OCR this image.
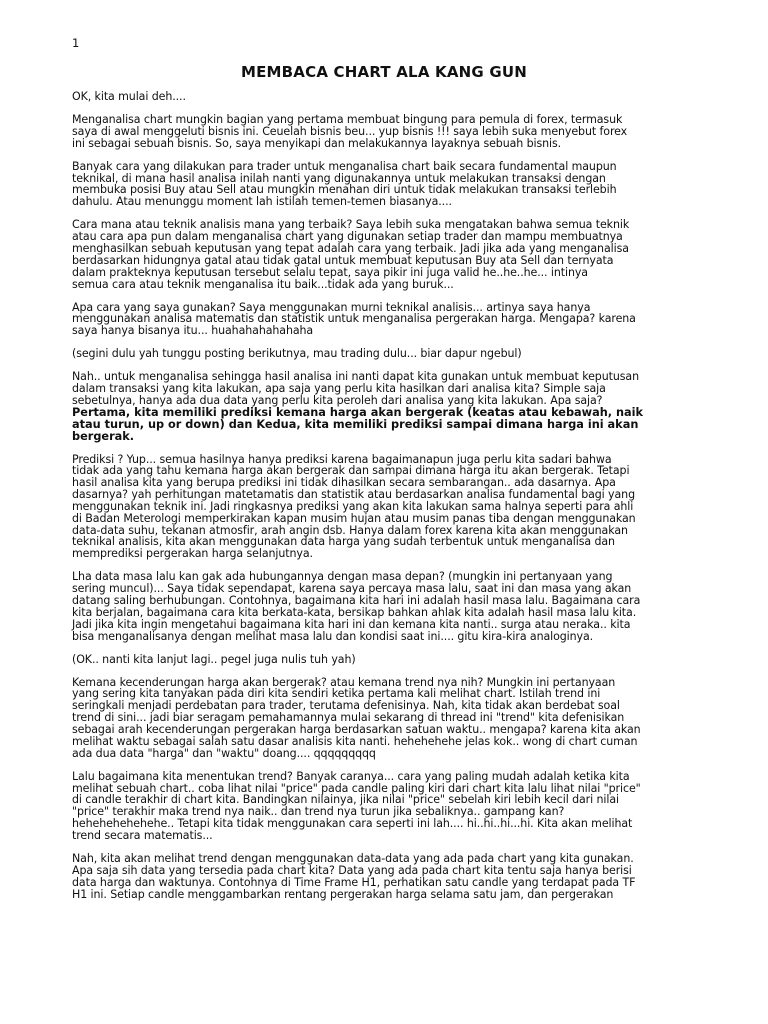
1

MEMBACA CHART ALA KANG GUN

OK, kita mulai deh....

Menganalisa chart mungkin bagian yang pertama membuat bingung para pemula di forex, termasuk
saya di awal menggeluti bisnis ini. Ceuelah bisnis beu... yup bisnis !!! saya lebih suka menyebut forex
ini sebagai sebuah bisnis. So, saya menyikapi dan melakukannya layaknya sebuah bisnis.

Banyak cara yang dilakukan para trader untuk menganalisa chart baik secara fundamental maupun
teknikal, di mana hasil analisa inilah nanti yang digunakannya untuk melakukan transaksi dengan
membuka posisi Buy atau Sell atau mungkin menahan diri untuk tidak melakukan transaksi terlebih
dahulu. Atau menunggu moment lah istilah temen-temen biasanya....

Cara mana atau teknik analisis mana yang terbaik? Saya lebih suka mengatakan bahwa semua teknik
atau cara apa pun dalam menganalisa chart yang digunakan setiap trader dan mampu membuatnya
menghasilkan sebuah keputusan yang tepat adalah cara yang terbaik. Jadi jika ada yang menganalisa
berdasarkan hidungnya gatal atau tidak gatal untuk membuat keputusan Buy ata Sell dan ternyata
dalam prakteknya keputusan tersebut selalu tepat, saya pikir ini juga valid he..he..he... intinya
semua cara atau teknik menganalisa itu baik...tidak ada yang buruk...

Apa cara yang saya gunakan? Saya menggunakan murni teknikal analisis... artinya saya hanya
menggunakan analisa matematis dan statistik untuk menganalisa pergerakan harga. Mengapa? karena
saya hanya bisanya itu... huahahahahahaha

(segini dulu yah tunggu posting berikutnya, mau trading dulu... biar dapur ngebul)

Nah.. untuk menganalisa sehingga hasil analisa ini nanti dapat kita gunakan untuk membuat keputusan
dalam transaksi yang kita lakukan, apa saja yang perlu kita hasilkan dari analisa kita? Simple saja
sebetulnya, hanya ada dua data yang perlu kita peroleh dari analisa yang kita lakukan. Apa saja?
Pertama, kita memiliki prediksi kemana harga akan bergerak (keatas atau kebawah, naik
atau turun, up or down) dan Kedua, kita memiliki prediksi sampai dimana harga ini akan
bergerak.

Prediksi ? Yup... semua hasilnya hanya prediksi karena bagaimanapun juga perlu kita sadari bahwa
tidak ada yang tahu kemana harga akan bergerak dan sampai dimana harga itu akan bergerak. Tetapi
hasil analisa kita yang berupa prediksi ini tidak dihasilkan secara sembarangan.. ada dasarnya. Apa
dasarnya? yah perhitungan matetamatis dan statistik atau berdasarkan analisa fundamental bagi yang
menggunakan teknik ini. Jadi ringkasnya prediksi yang akan kita lakukan sama halnya seperti para ahli
di Badan Meterologi memperkirakan kapan musim hujan atau musim panas tiba dengan menggunakan
data-data suhu, tekanan atmosfir, arah angin dsb. Hanya dalam forex karena kita akan menggunakan
teknikal analisis, kita akan menggunakan data harga yang sudah terbentuk untuk menganalisa dan
memprediksi pergerakan harga selanjutnya.

Lha data masa lalu kan gak ada hubungannya dengan masa depan? (mungkin ini pertanyaan yang
sering muncul)... Saya tidak sependapat, karena saya percaya masa lalu, saat ini dan masa yang akan
datang saling berhubungan. Contohnya, bagaimana kita hari ini adalah hasil masa lalu. Bagaimana cara
kita berjalan, bagaimana cara kita berkata-kata, bersikap bahkan ahlak kita adalah hasil masa lalu kita.
Jadi jika kita ingin mengetahui bagaimana kita hari ini dan kemana kita nanti.. surga atau neraka.. kita
bisa menganalisanya dengan melihat masa lalu dan kondisi saat ini.... gitu kira-kira analoginya.

(OK.. nanti kita lanjut lagi.. pegel juga nulis tuh yah)

Kemana kecenderungan harga akan bergerak? atau kemana trend nya nih? Mungkin ini pertanyaan
yang sering kita tanyakan pada diri kita sendiri ketika pertama kali melihat chart. Istilah trend ini
seringkali menjadi perdebatan para trader, terutama defenisinya. Nah, kita tidak akan berdebat soal
trend di sini... jadi biar seragam pemahamannya mulai sekarang di thread ini "trend" kita defenisikan
sebagai arah kecenderungan pergerakan harga berdasarkan satuan waktu.. mengapa? karena kita akan
melihat waktu sebagai salah satu dasar analisis kita nanti. hehehehehe jelas kok.. wong di chart cuman
ada dua data "harga" dan "waktu" doang.... qqqqqqqqq

Lalu bagaimana kita menentukan trend? Banyak caranya... cara yang paling mudah adalah ketika kita
melihat sebuah chart.. coba lihat nilai "price" pada candle paling kiri dari chart kita lalu lihat nilai "price"
di candle terakhir di chart kita. Bandingkan nilainya, jika nilai "price" sebelah kiri lebih kecil dari nilai
"price" terakhir maka trend nya naik.. dan trend nya turun jika sebaliknya.. gampang kan?
hehehehehehehe.. Tetapi kita tidak menggunakan cara seperti ini lah.... hi..hi..hi...hi. Kita akan melihat
trend secara matematis...

Nah, kita akan melihat trend dengan menggunakan data-data yang ada pada chart yang kita gunakan.
Apa saja sih data yang tersedia pada chart kita? Data yang ada pada chart kita tentu saja hanya berisi
data harga dan waktunya. Contohnya di Time Frame H1, perhatikan satu candle yang terdapat pada TF
H1 ini. Setiap candle menggambarkan rentang pergerakan harga selama satu jam, dan pergerakan
